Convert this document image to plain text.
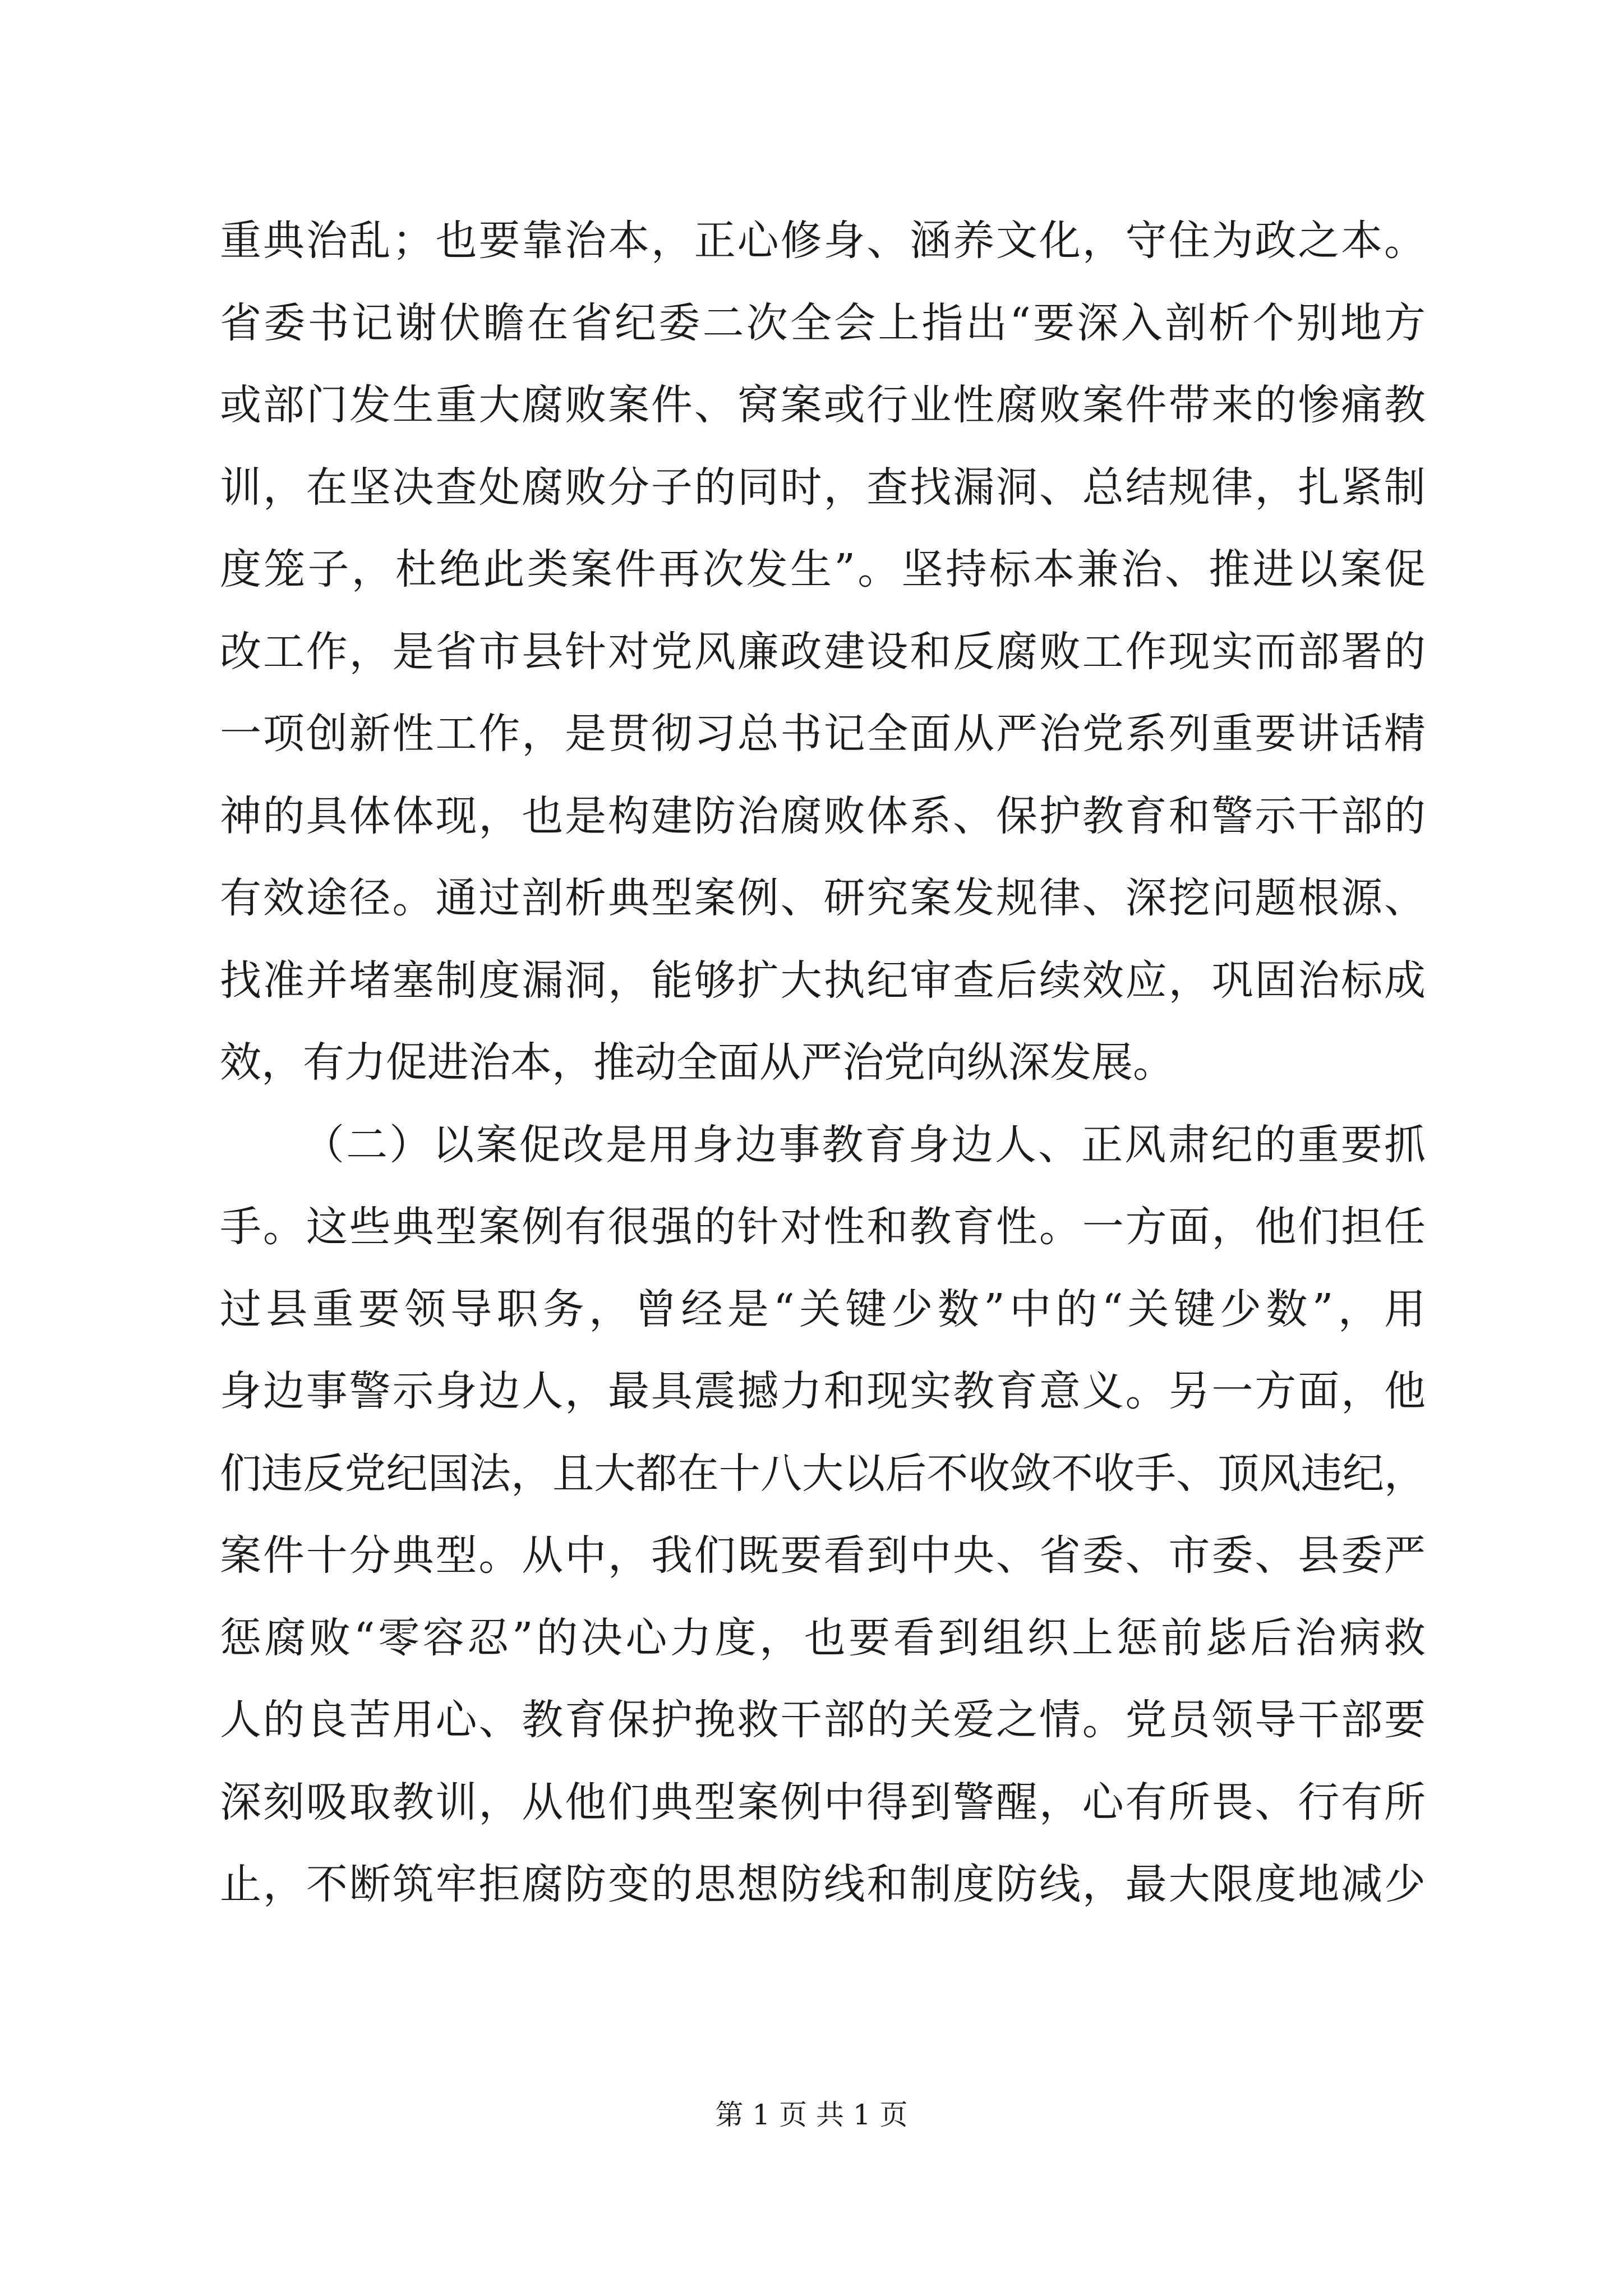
重典治乱；也要靠治本，正心修身、涵养文化，守住为政之本。
省委书记谢伏瞻在省纪委二次全会上指出“要深入剖析个别地方
或部门发生重大腐败案件、窝案或行业性腐败案件带来的惨痛教
训，在坚决查处腐败分子的同时，查找漏洞、总结规律，扎紧制
度笼子，杜绝此类案件再次发生”。坚持标本兼治、推进以案促
改工作，是省市县针对党风廉政建设和反腐败工作现实而部署的
一项创新性工作，是贯彻习总书记全面从严治党系列重要讲话精
神的具体体现，也是构建防治腐败体系、保护教育和警示干部的
有效途径。通过剖析典型案例、研究案发规律、深挖问题根源、
找准并堵塞制度漏洞，能够扩大执纪审查后续效应，巩固治标成
效，有力促进治本，推动全面从严治党向纵深发展。
（二）以案促改是用身边事教育身边人、正风肃纪的重要抓
手。这些典型案例有很强的针对性和教育性。一方面，他们担任
过县重要领导职务，曾经是“关键少数”中的“关键少数”，用
身边事警示身边人，最具震撼力和现实教育意义。另一方面，他
们违反党纪国法，且大都在十八大以后不收敛不收手、顶风违纪，
案件十分典型。从中，我们既要看到中央、省委、市委、县委严
惩腐败“零容忍”的决心力度，也要看到组织上惩前毖后治病救
人的良苦用心、教育保护挽救干部的关爱之情。党员领导干部要
深刻吸取教训，从他们典型案例中得到警醒，心有所畏、行有所
止，不断筑牢拒腐防变的思想防线和制度防线，最大限度地减少
第 1 页 共 1 页
